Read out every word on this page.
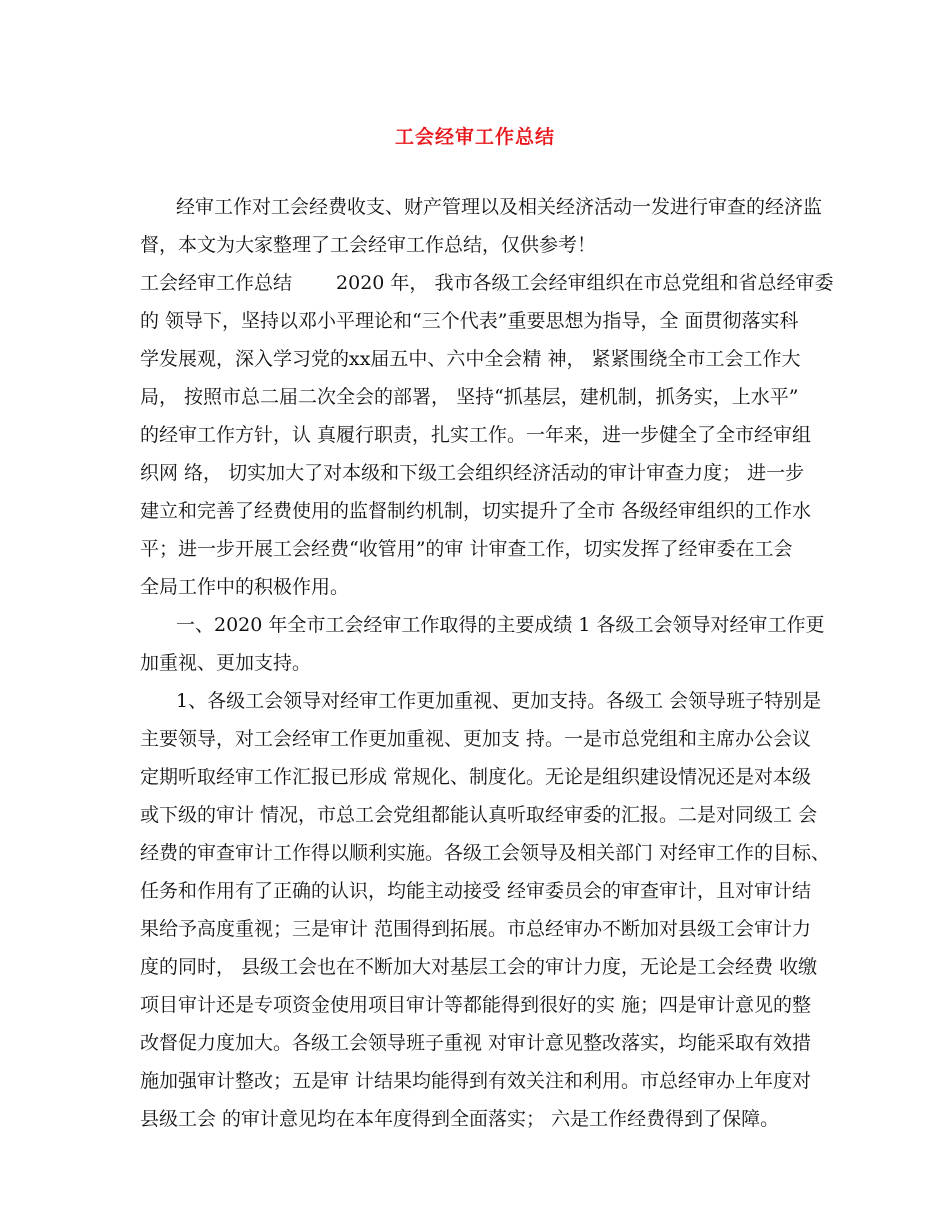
工会经审工作总结
经审工作对工会经费收支、财产管理以及相关经济活动一发进行审查的经济监
督，本文为大家整理了工会经审工作总结，仅供参考！
工会经审工作总结 　　2020 年， 我市各级工会经审组织在市总党组和省总经审委
的 领导下，坚持以邓小平理论和“三个代表”重要思想为指导，全 面贯彻落实科
学发展观，深入学习党的xx届五中、六中全会精 神， 紧紧围绕全市工会工作大
局， 按照市总二届二次全会的部署， 坚持“抓基层，建机制，抓务实，上水平”
的经审工作方针，认 真履行职责，扎实工作。一年来，进一步健全了全市经审组
织网 络， 切实加大了对本级和下级工会组织经济活动的审计审查力度； 进一步
建立和完善了经费使用的监督制约机制，切实提升了全市 各级经审组织的工作水
平；进一步开展工会经费“收管用”的审 计审查工作，切实发挥了经审委在工会
全局工作中的积极作用。
一、2020 年全市工会经审工作取得的主要成绩 1 各级工会领导对经审工作更
加重视、更加支持。
1、各级工会领导对经审工作更加重视、更加支持。各级工 会领导班子特别是
主要领导，对工会经审工作更加重视、更加支 持。一是市总党组和主席办公会议
定期听取经审工作汇报已形成 常规化、制度化。无论是组织建设情况还是对本级
或下级的审计 情况，市总工会党组都能认真听取经审委的汇报。二是对同级工 会
经费的审查审计工作得以顺利实施。各级工会领导及相关部门 对经审工作的目标、
任务和作用有了正确的认识，均能主动接受 经审委员会的审查审计，且对审计结
果给予高度重视；三是审计 范围得到拓展。市总经审办不断加对县级工会审计力
度的同时， 县级工会也在不断加大对基层工会的审计力度，无论是工会经费 收缴
项目审计还是专项资金使用项目审计等都能得到很好的实 施；四是审计意见的整
改督促力度加大。各级工会领导班子重视 对审计意见整改落实，均能采取有效措
施加强审计整改；五是审 计结果均能得到有效关注和利用。市总经审办上年度对
县级工会 的审计意见均在本年度得到全面落实； 六是工作经费得到了保障。
